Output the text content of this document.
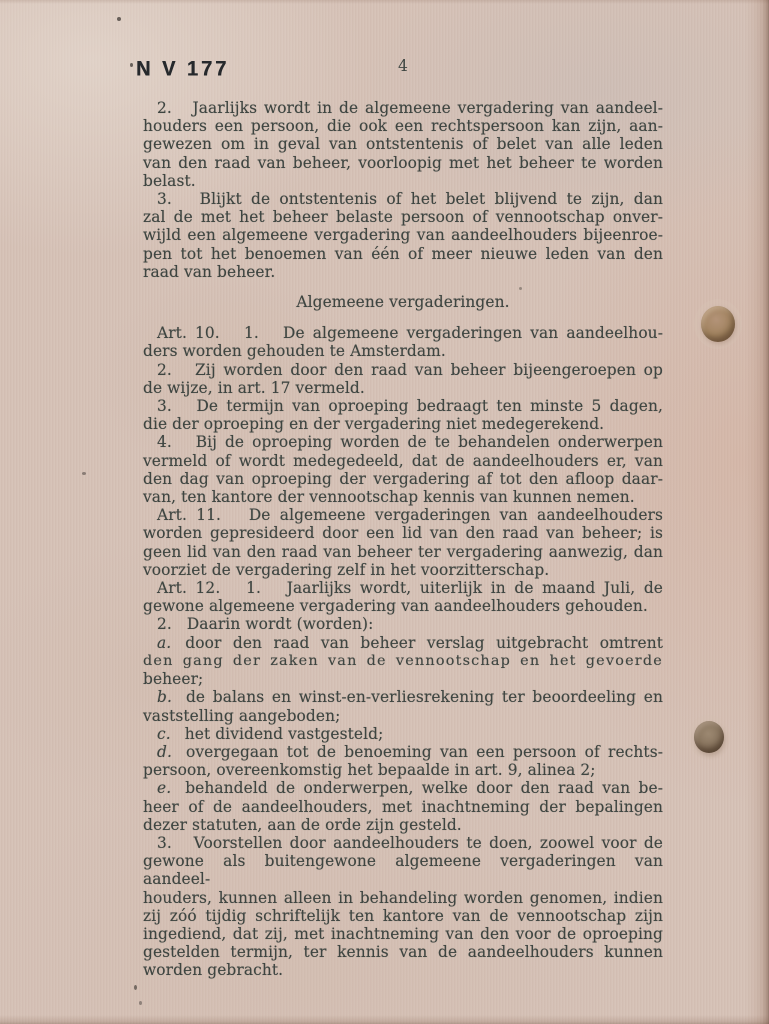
N V 177	4
2.   Jaarlijks wordt in de algemeene vergadering van aandeel-
houders een persoon, die ook een rechtspersoon kan zijn, aan-
gewezen om in geval van ontstentenis of belet van alle leden
van den raad van beheer, voorloopig met het beheer te worden
belast.
3.   Blijkt de ontstentenis of het belet blijvend te zijn, dan
zal de met het beheer belaste persoon of vennootschap onver-
wijld een algemeene vergadering van aandeelhouders bijeenroe-
pen tot het benoemen van één of meer nieuwe leden van den
raad van beheer.
Algemeene vergaderingen.
Art. 10.   1.   De algemeene vergaderingen van aandeelhou-
ders worden gehouden te Amsterdam.
2.   Zij worden door den raad van beheer bijeengeroepen op
de wijze, in art. 17 vermeld.
3.   De termijn van oproeping bedraagt ten minste 5 dagen,
die der oproeping en der vergadering niet medegerekend.
4.   Bij de oproeping worden de te behandelen onderwerpen
vermeld of wordt medegedeeld, dat de aandeelhouders er, van
den dag van oproeping der vergadering af tot den afloop daar-
van, ten kantore der vennootschap kennis van kunnen nemen.
Art. 11.   De algemeene vergaderingen van aandeelhouders
worden gepresideerd door een lid van den raad van beheer; is
geen lid van den raad van beheer ter vergadering aanwezig, dan
voorziet de vergadering zelf in het voorzitterschap.
Art. 12.   1.   Jaarlijks wordt, uiterlijk in de maand Juli, de
gewone algemeene vergadering van aandeelhouders gehouden.
2.   Daarin wordt (worden):
a. door den raad van beheer verslag uitgebracht omtrent
den gang der zaken van de vennootschap en het gevoerde
beheer;
b. de balans en winst-en-verliesrekening ter beoordeeling en
vaststelling aangeboden;
c. het dividend vastgesteld;
d. overgegaan tot de benoeming van een persoon of rechts-
persoon, overeenkomstig het bepaalde in art. 9, alinea 2;
e. behandeld de onderwerpen, welke door den raad van be-
heer of de aandeelhouders, met inachtneming der bepalingen
dezer statuten, aan de orde zijn gesteld.
3.   Voorstellen door aandeelhouders te doen, zoowel voor de
gewone als buitengewone algemeene vergaderingen van aandeel-
houders, kunnen alleen in behandeling worden genomen, indien
zij zóó tijdig schriftelijk ten kantore van de vennootschap zijn
ingediend, dat zij, met inachtneming van den voor de oproeping
gestelden termijn, ter kennis van de aandeelhouders kunnen
worden gebracht.
